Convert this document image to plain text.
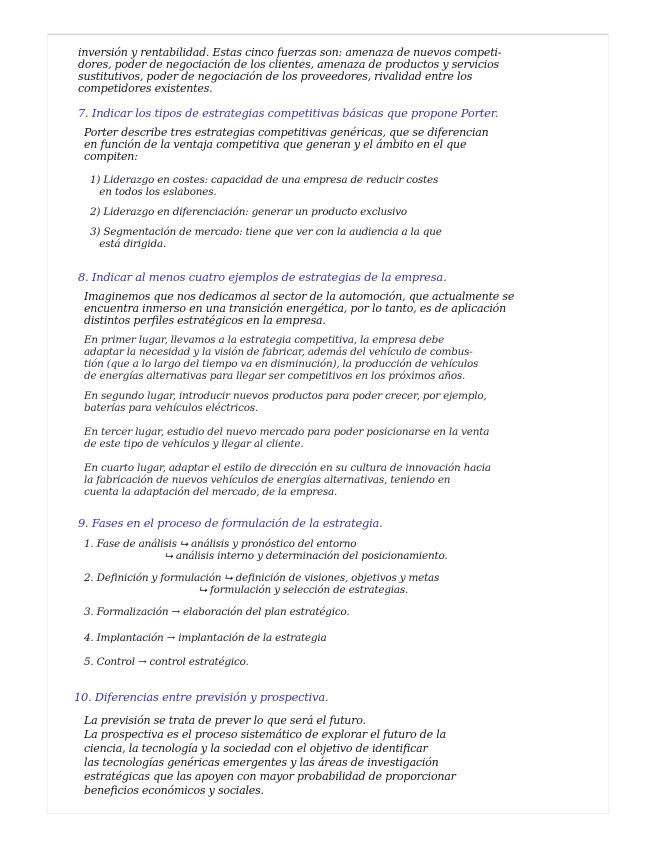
inversión y rentabilidad. Estas cinco fuerzas son: amenaza de nuevos competi-

dores, poder de negociación de los clientes, amenaza de productos y servicios

sustitutivos, poder de negociación de los proveedores, rivalidad entre los

competidores existentes.

7. Indicar los tipos de estrategias competitivas básicas que propone Porter.

Porter describe tres estrategias competitivas genéricas, que se diferencian

en función de la ventaja competitiva que generan y el ámbito en el que

compiten:

1) Liderazgo en costes: capacidad de una empresa de reducir costes

en todos los eslabones.

2) Liderazgo en diferenciación: generar un producto exclusivo

3) Segmentación de mercado: tiene que ver con la audiencia a la que

está dirigida.

8. Indicar al menos cuatro ejemplos de estrategias de la empresa.

Imaginemos que nos dedicamos al sector de la automoción, que actualmente se

encuentra inmerso en una transición energética, por lo tanto, es de aplicación

distintos perfiles estratégicos en la empresa.

En primer lugar, llevamos a la estrategia competitiva, la empresa debe

adaptar la necesidad y la visión de fabricar, además del vehículo de combus-

tión (que a lo largo del tiempo va en disminución), la producción de vehículos

de energías alternativas para llegar ser competitivos en los próximos años.

En segundo lugar, introducir nuevos productos para poder crecer, por ejemplo,

baterías para vehículos eléctricos.

En tercer lugar, estudio del nuevo mercado para poder posicionarse en la venta

de este tipo de vehículos y llegar al cliente.

En cuarto lugar, adaptar el estilo de dirección en su cultura de innovación hacia

la fabricación de nuevos vehículos de energías alternativas, teniendo en

cuenta la adaptación del mercado, de la empresa.

9. Fases en el proceso de formulación de la estrategia.

1. Fase de análisis ⮡ análisis y pronóstico del entorno

⮡ análisis interno y determinación del posicionamiento.

2. Definición y formulación ⮡ definición de visiones, objetivos y metas

⮡ formulación y selección de estrategias.

3. Formalización → elaboración del plan estratégico.

4. Implantación → implantación de la estrategia

5. Control → control estratégico.

10. Diferencias entre previsión y prospectiva.

La previsión se trata de prever lo que será el futuro.

La prospectiva es el proceso sistemático de explorar el futuro de la

ciencia, la tecnología y la sociedad con el objetivo de identificar

las tecnologías genéricas emergentes y las áreas de investigación

estratégicas que las apoyen con mayor probabilidad de proporcionar

beneficios económicos y sociales.
